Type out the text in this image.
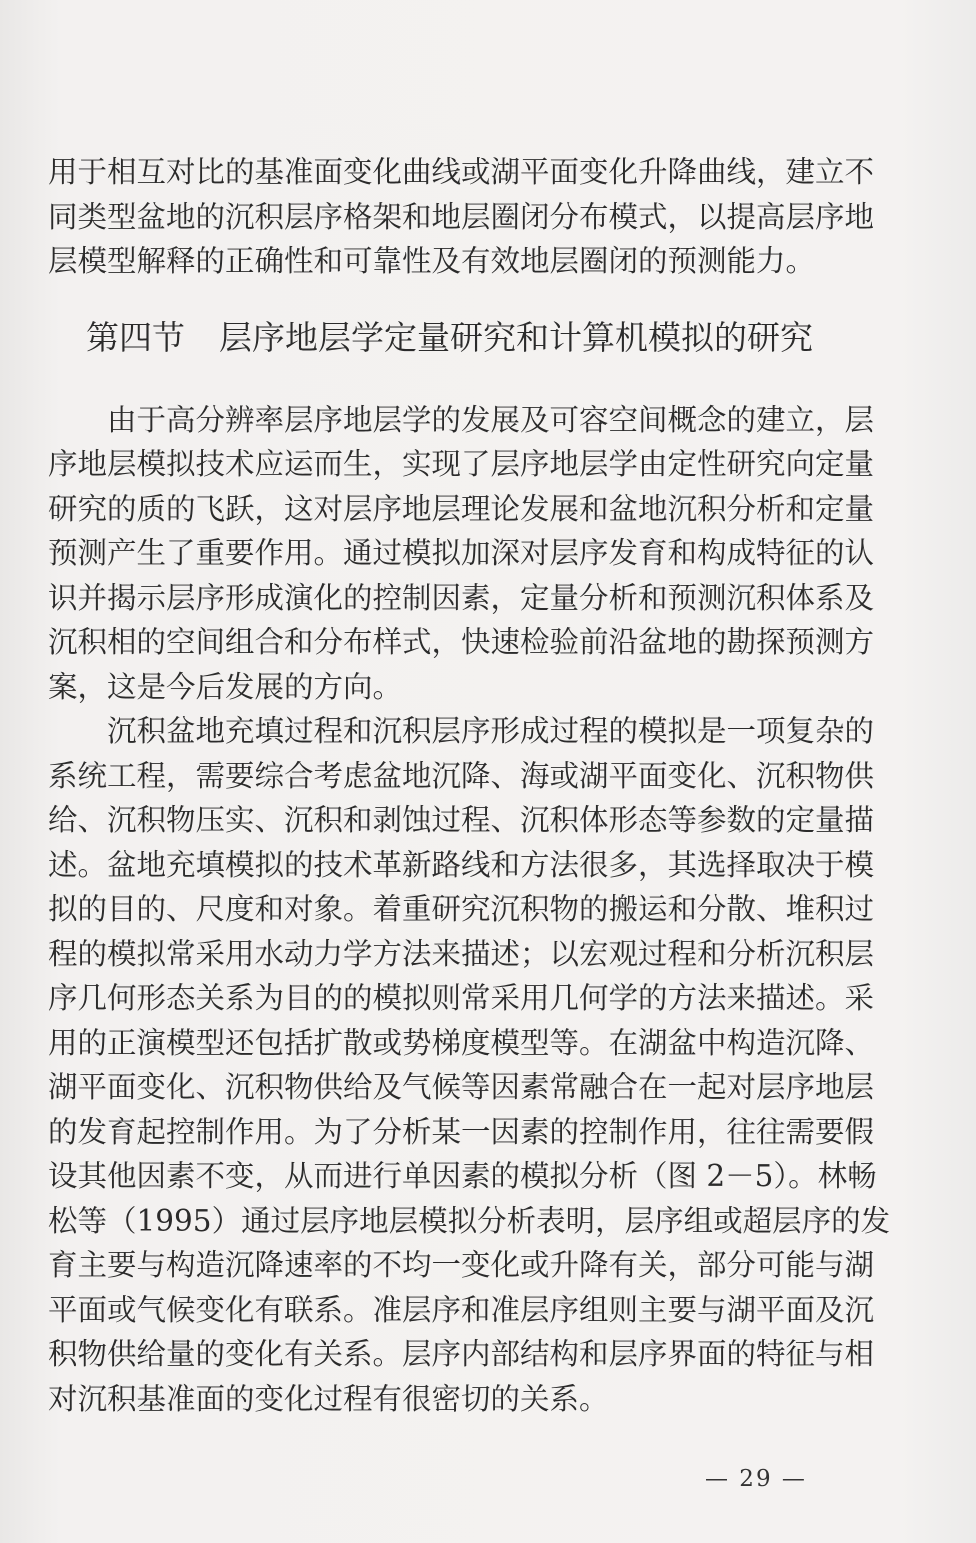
用于相互对比的基准面变化曲线或湖平面变化升降曲线，建立不
同类型盆地的沉积层序格架和地层圈闭分布模式，以提高层序地
层模型解释的正确性和可靠性及有效地层圈闭的预测能力。
第四节 层序地层学定量研究和计算机模拟的研究
　　由于高分辨率层序地层学的发展及可容空间概念的建立，层
序地层模拟技术应运而生，实现了层序地层学由定性研究向定量
研究的质的飞跃，这对层序地层理论发展和盆地沉积分析和定量
预测产生了重要作用。通过模拟加深对层序发育和构成特征的认
识并揭示层序形成演化的控制因素，定量分析和预测沉积体系及
沉积相的空间组合和分布样式，快速检验前沿盆地的勘探预测方
案，这是今后发展的方向。
　　沉积盆地充填过程和沉积层序形成过程的模拟是一项复杂的
系统工程，需要综合考虑盆地沉降、海或湖平面变化、沉积物供
给、沉积物压实、沉积和剥蚀过程、沉积体形态等参数的定量描
述。盆地充填模拟的技术革新路线和方法很多，其选择取决于模
拟的目的、尺度和对象。着重研究沉积物的搬运和分散、堆积过
程的模拟常采用水动力学方法来描述；以宏观过程和分析沉积层
序几何形态关系为目的的模拟则常采用几何学的方法来描述。采
用的正演模型还包括扩散或势梯度模型等。在湖盆中构造沉降、
湖平面变化、沉积物供给及气候等因素常融合在一起对层序地层
的发育起控制作用。为了分析某一因素的控制作用，往往需要假
设其他因素不变，从而进行单因素的模拟分析（图 2－5）。林畅
松等（1995）通过层序地层模拟分析表明，层序组或超层序的发
育主要与构造沉降速率的不均一变化或升降有关，部分可能与湖
平面或气候变化有联系。准层序和准层序组则主要与湖平面及沉
积物供给量的变化有关系。层序内部结构和层序界面的特征与相
对沉积基准面的变化过程有很密切的关系。
— 29 —
